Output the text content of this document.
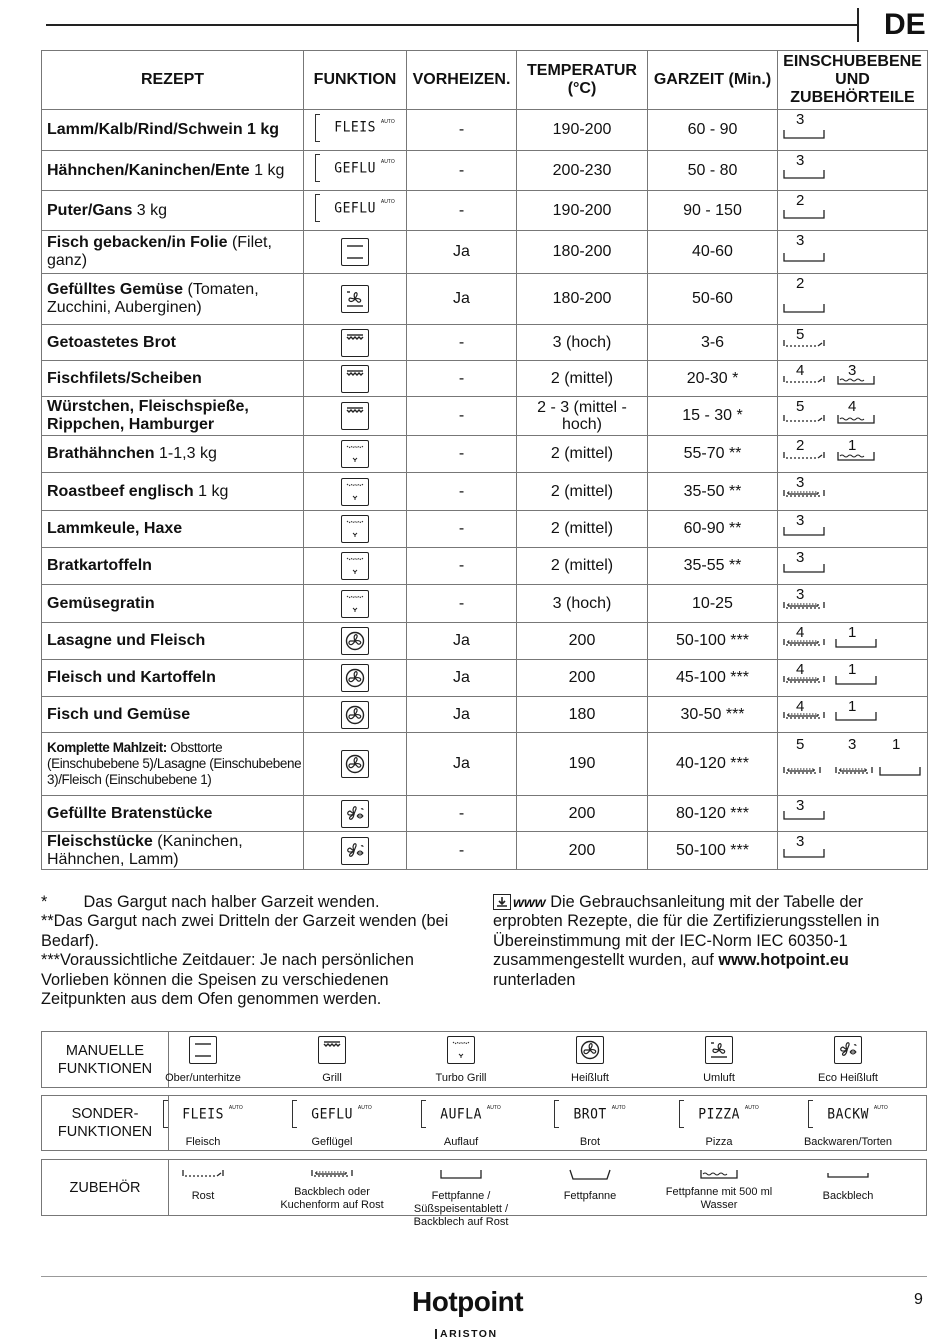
DE
REZEPT	FUNKTION	VORHEIZEN.	TEMPERATUR (°C)	GARZEIT (Min.)	EINSCHUBEBENE UND ZUBEHÖRTEILE
Lamm/Kalb/Rind/Schwein 1 kg	FLEIS AUTO	-	190-200	60 - 90	3

Hähnchen/Kaninchen/Ente 1 kg	GEFLU AUTO	-	200-230	50 - 80	3

Puter/Gans 3 kg	GEFLU AUTO	-	190-200	90 - 150	2

Fisch gebacken/in Folie (Filet, ganz)		Ja	180-200	40-60	3

Gefülltes Gemüse (Tomaten, Zucchini, Auberginen)		Ja	180-200	50-60	2

Getoastetes Brot		-	3 (hoch)	3-6	5

Fischfilets/Scheiben		-	2 (mittel)	20-30 *	4 3

Würstchen, Fleischspieße, Rippchen, Hamburger		-	2 - 3 (mittel - hoch)	15 - 30 *	5 4

Brathähnchen 1-1,3 kg		-	2 (mittel)	55-70 **	2 1

Roastbeef englisch 1 kg		-	2 (mittel)	35-50 **	3

Lammkeule, Haxe		-	2 (mittel)	60-90 **	3

Bratkartoffeln		-	2 (mittel)	35-55 **	3

Gemüsegratin		-	3 (hoch)	10-25	3

Lasagne und Fleisch		Ja	200	50-100 ***	4 1

Fleisch und Kartoffeln		Ja	200	45-100 ***	4 1

Fisch und Gemüse		Ja	180	30-50 ***	4 1

Komplette Mahlzeit: Obsttorte (Einschubebene 5)/Lasagne (Einschubebene 3)/Fleisch (Einschubebene 1)		Ja	190	40-120 ***	5 3 1

Gefüllte Bratenstücke		-	200	80-120 ***	3

Fleischstücke (Kaninchen, Hähnchen, Lamm)		-	200	50-100 ***	3
*        Das Gargut nach halber Garzeit wenden.
**Das Gargut nach zwei Dritteln der Garzeit wenden (bei Bedarf).
***Voraussichtliche Zeitdauer: Je nach persönlichen Vorlieben können die Speisen zu verschiedenen Zeitpunkten aus dem Ofen genommen werden.
www Die Gebrauchsanleitung mit der Tabelle der erprobten Rezepte, die für die Zertifizierungsstellen in Übereinstimmung mit der IEC-Norm IEC 60350-1 zusammengestellt wurden, auf www.hotpoint.eu runterladen
MANUELLE FUNKTIONEN
Ober/unterhitze	Grill	Turbo Grill	Heißluft	Umluft	Eco Heißluft
SONDER-FUNKTIONEN
FLEIS AUTO
Fleisch
GEFLU AUTO
Geflügel
AUFLA AUTO
Auflauf
BROT AUTO
Brot
PIZZA AUTO
Pizza
BACKW AUTO
Backwaren/Torten
ZUBEHÖR
Rost	Backblech oder Kuchenform auf Rost
Fettpfanne / Süßspeisentablett / Backblech auf Rost
Fettpfanne	Fettpfanne mit 500 ml Wasser
Backblech
Hotpoint
ARISTON
9
